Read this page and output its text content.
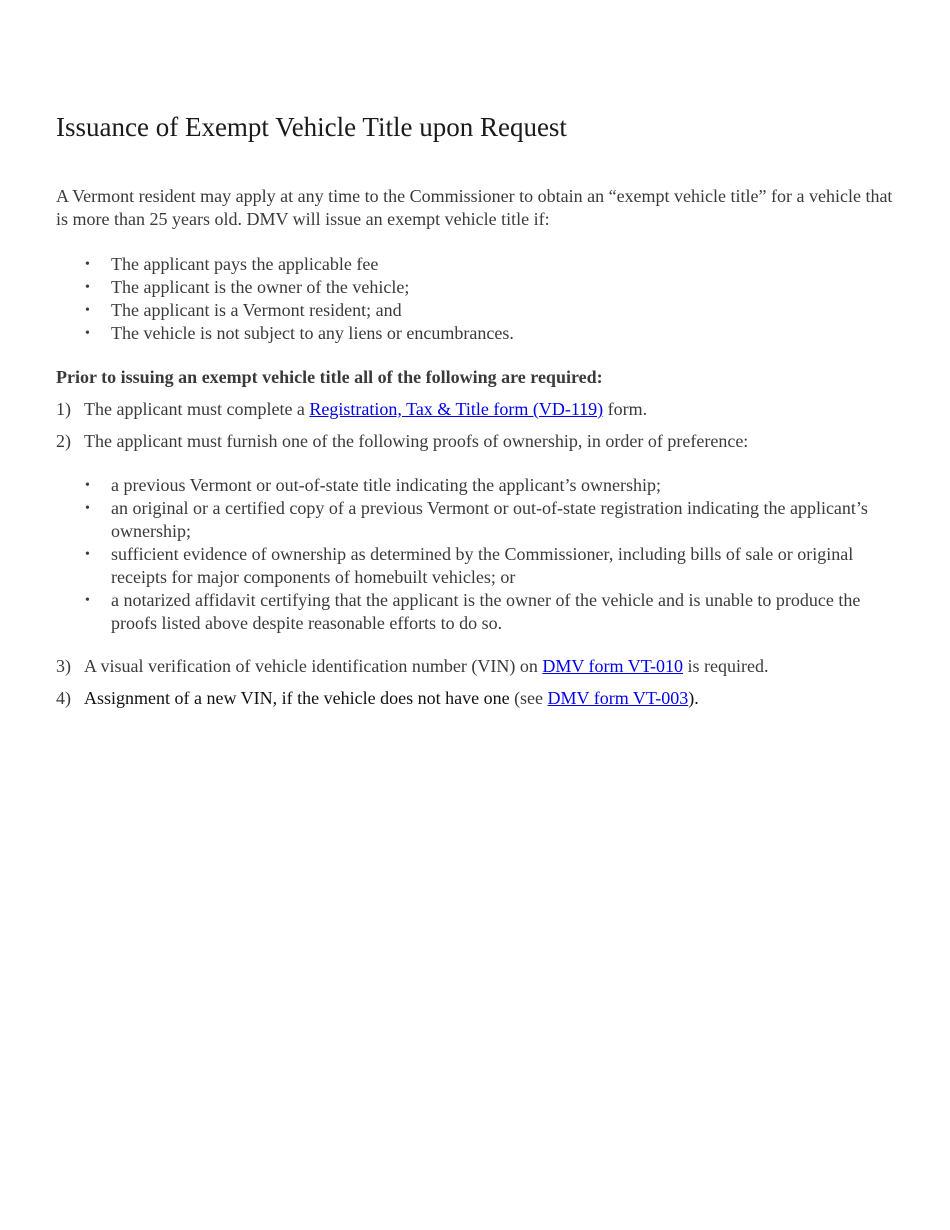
Issuance of Exempt Vehicle Title upon Request

A Vermont resident may apply at any time to the Commissioner to obtain an “exempt vehicle title” for a vehicle that is more than 25 years old. DMV will issue an exempt vehicle title if:

• The applicant pays the applicable fee
• The applicant is the owner of the vehicle;
• The applicant is a Vermont resident; and
• The vehicle is not subject to any liens or encumbrances.

Prior to issuing an exempt vehicle title all of the following are required:

1) The applicant must complete a Registration, Tax & Title form (VD-119) form.
2) The applicant must furnish one of the following proofs of ownership, in order of preference:
• a previous Vermont or out-of-state title indicating the applicant’s ownership;
• an original or a certified copy of a previous Vermont or out-of-state registration indicating the applicant’s ownership;
• sufficient evidence of ownership as determined by the Commissioner, including bills of sale or original receipts for major components of homebuilt vehicles; or
• a notarized affidavit certifying that the applicant is the owner of the vehicle and is unable to produce the proofs listed above despite reasonable efforts to do so.
3) A visual verification of vehicle identification number (VIN) on DMV form VT-010 is required.
4) Assignment of a new VIN, if the vehicle does not have one (see DMV form VT-003).
